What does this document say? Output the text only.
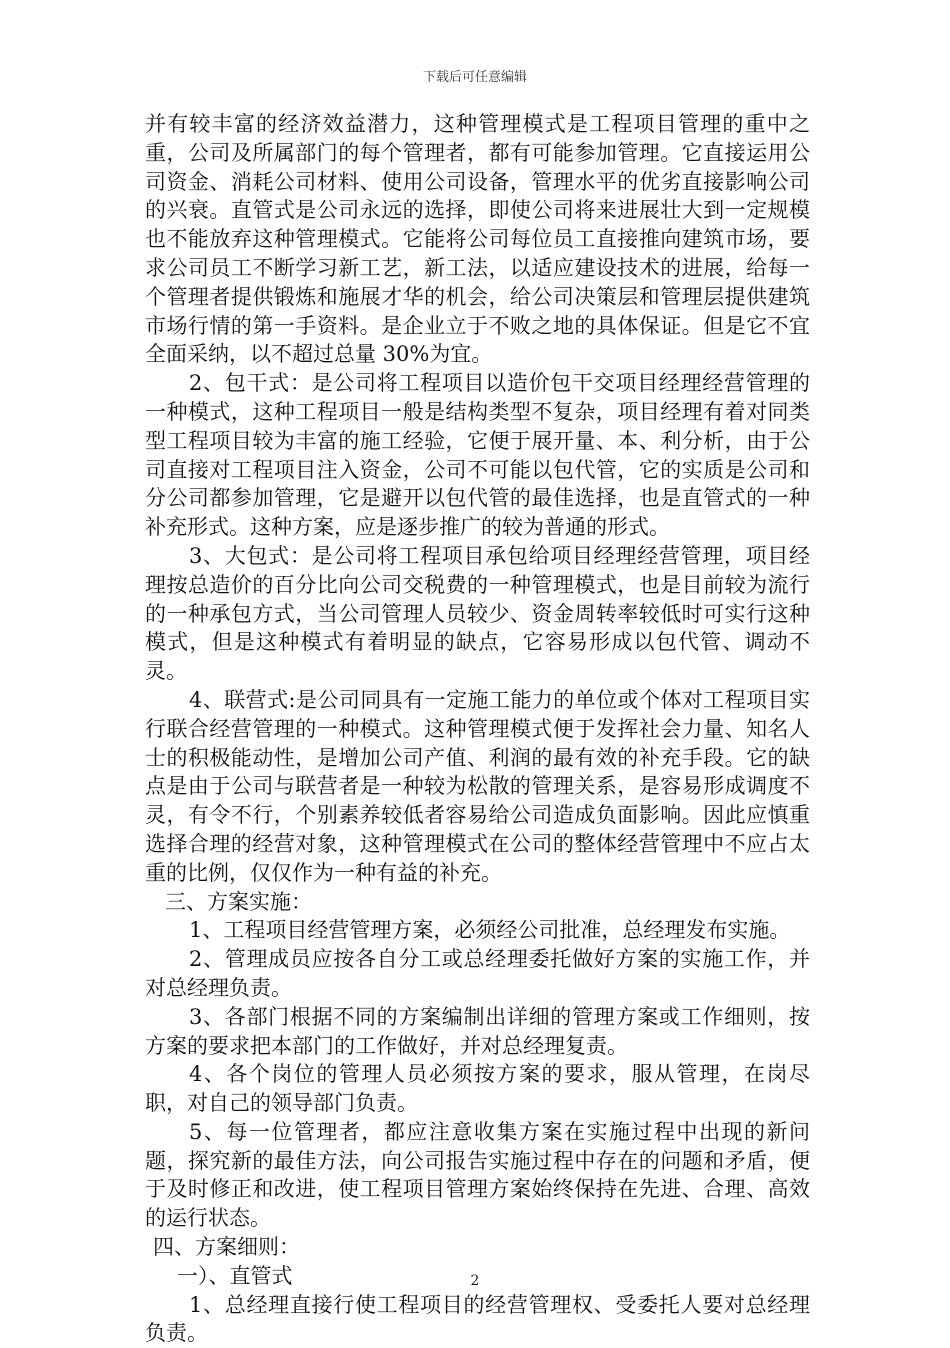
下载后可任意编辑

并有较丰富的经济效益潜力，这种管理模式是工程项目管理的重中之重，公司及所属部门的每个管理者，都有可能参加管理。它直接运用公司资金、消耗公司材料、使用公司设备，管理水平的优劣直接影响公司的兴衰。直管式是公司永远的选择，即使公司将来进展壮大到一定规模也不能放弃这种管理模式。它能将公司每位员工直接推向建筑市场，要求公司员工不断学习新工艺，新工法，以适应建设技术的进展，给每一个管理者提供锻炼和施展才华的机会，给公司决策层和管理层提供建筑市场行情的第一手资料。是企业立于不败之地的具体保证。但是它不宜全面采纳，以不超过总量 30%为宜。

2、包干式：是公司将工程项目以造价包干交项目经理经营管理的一种模式，这种工程项目一般是结构类型不复杂，项目经理有着对同类型工程项目较为丰富的施工经验，它便于展开量、本、利分析，由于公司直接对工程项目注入资金，公司不可能以包代管，它的实质是公司和分公司都参加管理，它是避开以包代管的最佳选择，也是直管式的一种补充形式。这种方案，应是逐步推广的较为普通的形式。

3、大包式：是公司将工程项目承包给项目经理经营管理，项目经理按总造价的百分比向公司交税费的一种管理模式，也是目前较为流行的一种承包方式，当公司管理人员较少、资金周转率较低时可实行这种模式，但是这种模式有着明显的缺点，它容易形成以包代管、调动不灵。

4、联营式:是公司同具有一定施工能力的单位或个体对工程项目实行联合经营管理的一种模式。这种管理模式便于发挥社会力量、知名人士的积极能动性，是增加公司产值、利润的最有效的补充手段。它的缺点是由于公司与联营者是一种较为松散的管理关系，是容易形成调度不灵，有令不行，个别素养较低者容易给公司造成负面影响。因此应慎重选择合理的经营对象，这种管理模式在公司的整体经营管理中不应占太重的比例，仅仅作为一种有益的补充。

三、方案实施：

1、工程项目经营管理方案，必须经公司批准，总经理发布实施。

2、管理成员应按各自分工或总经理委托做好方案的实施工作，并对总经理负责。

3、各部门根据不同的方案编制出详细的管理方案或工作细则，按方案的要求把本部门的工作做好，并对总经理复责。

4、各个岗位的管理人员必须按方案的要求，服从管理，在岗尽职，对自己的领导部门负责。

5、每一位管理者，都应注意收集方案在实施过程中出现的新问题，探究新的最佳方法，向公司报告实施过程中存在的问题和矛盾，便于及时修正和改进，使工程项目管理方案始终保持在先进、合理、高效的运行状态。

四、方案细则：

一）、直管式

1、总经理直接行使工程项目的经营管理权、受委托人要对总经理负责。

2
